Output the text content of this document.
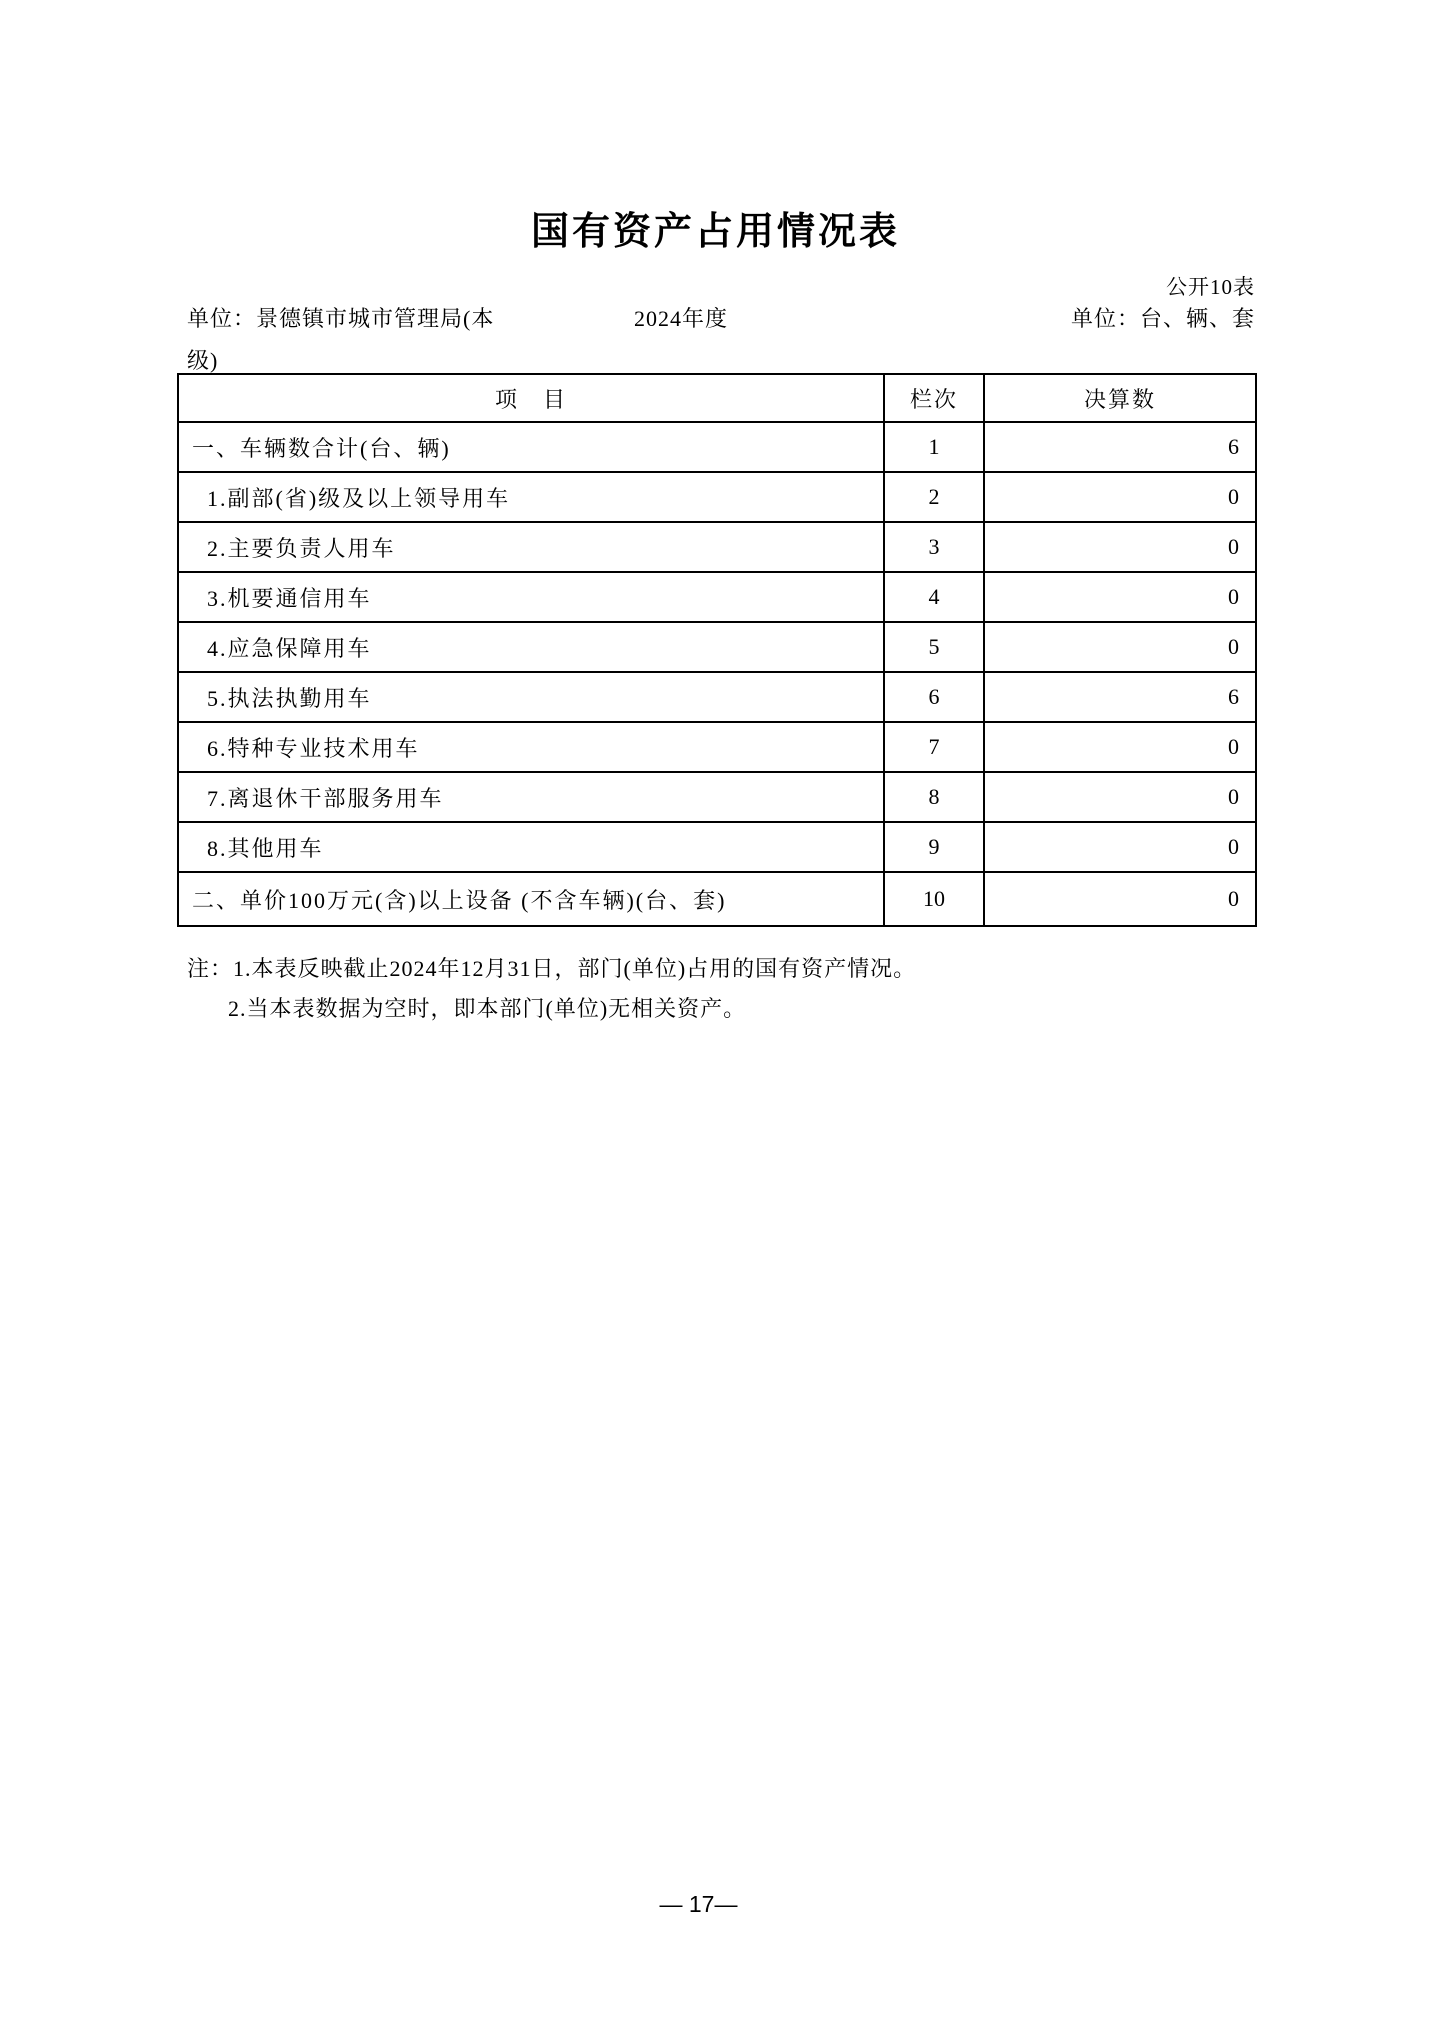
国有资产占用情况表
公开10表
单位：景德镇市城市管理局(本	2024年度	单位：台、辆、套
级)
项　目	栏次	决算数
一、车辆数合计(台、辆)	1	6
1.副部(省)级及以上领导用车	2	0
2.主要负责人用车	3	0
3.机要通信用车	4	0
4.应急保障用车	5	0
5.执法执勤用车	6	6
6.特种专业技术用车	7	0
7.离退休干部服务用车	8	0
8.其他用车	9	0
二、单价100万元(含)以上设备 (不含车辆)(台、套)	10	0
注：1.本表反映截止2024年12月31日，部门(单位)占用的国有资产情况。
2.当本表数据为空时，即本部门(单位)无相关资产。
— 17—
